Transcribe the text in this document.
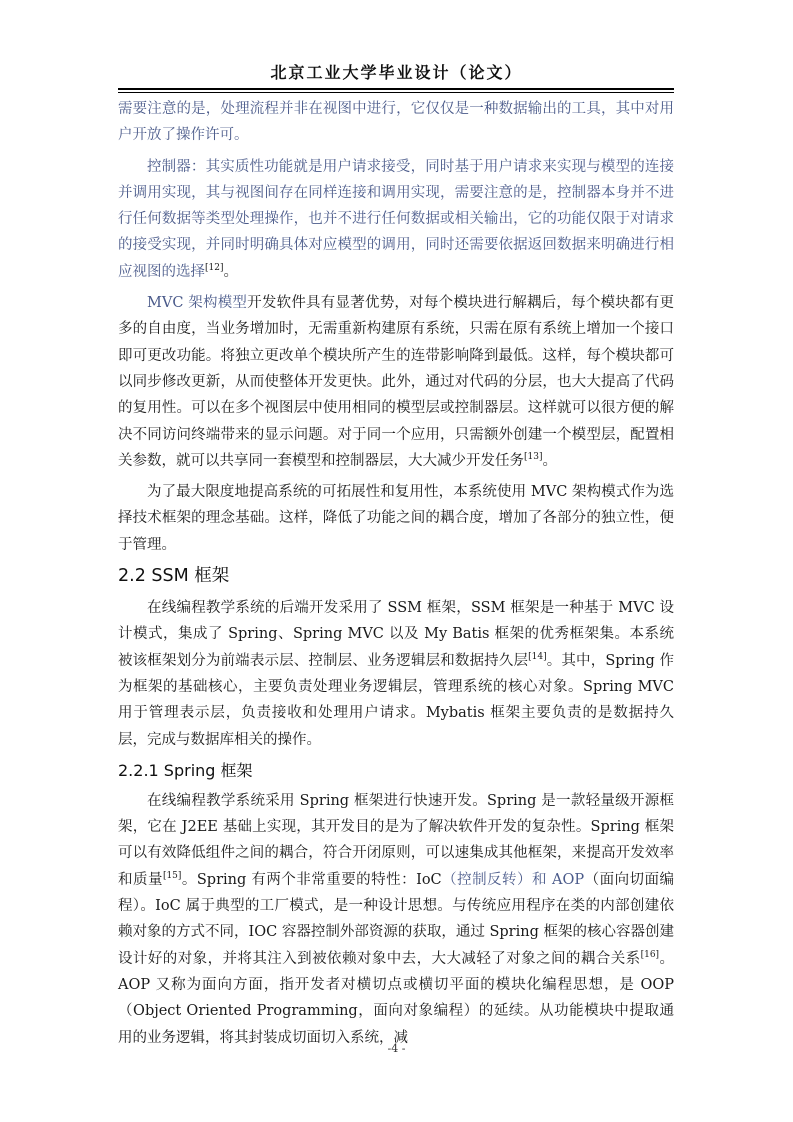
北京工业大学毕业设计（论文）

需要注意的是，处理流程并非在视图中进行，它仅仅是一种数据输出的工具，其中对用户开放了操作许可。

控制器：其实质性功能就是用户请求接受，同时基于用户请求来实现与模型的连接并调用实现，其与视图间存在同样连接和调用实现，需要注意的是，控制器本身并不进行任何数据等类型处理操作，也并不进行任何数据或相关输出，它的功能仅限于对请求的接受实现，并同时明确具体对应模型的调用，同时还需要依据返回数据来明确进行相应视图的选择[12]。

MVC 架构模型开发软件具有显著优势，对每个模块进行解耦后，每个模块都有更多的自由度，当业务增加时，无需重新构建原有系统，只需在原有系统上增加一个接口即可更改功能。将独立更改单个模块所产生的连带影响降到最低。这样，每个模块都可以同步修改更新，从而使整体开发更快。此外，通过对代码的分层，也大大提高了代码的复用性。可以在多个视图层中使用相同的模型层或控制器层。这样就可以很方便的解决不同访问终端带来的显示问题。对于同一个应用，只需额外创建一个模型层，配置相关参数，就可以共享同一套模型和控制器层，大大减少开发任务[13]。

为了最大限度地提高系统的可拓展性和复用性，本系统使用 MVC 架构模式作为选择技术框架的理念基础。这样，降低了功能之间的耦合度，增加了各部分的独立性，便于管理。

2.2 SSM 框架

在线编程教学系统的后端开发采用了 SSM 框架，SSM 框架是一种基于 MVC 设计模式，集成了 Spring、Spring MVC 以及 My Batis 框架的优秀框架集。本系统被该框架划分为前端表示层、控制层、业务逻辑层和数据持久层[14]。其中，Spring 作为框架的基础核心，主要负责处理业务逻辑层，管理系统的核心对象。Spring MVC 用于管理表示层，负责接收和处理用户请求。Mybatis 框架主要负责的是数据持久层，完成与数据库相关的操作。

2.2.1 Spring 框架

在线编程教学系统采用 Spring 框架进行快速开发。Spring 是一款轻量级开源框架，它在 J2EE 基础上实现，其开发目的是为了解决软件开发的复杂性。Spring 框架可以有效降低组件之间的耦合，符合开闭原则，可以速集成其他框架，来提高开发效率和质量[15]。Spring 有两个非常重要的特性：IoC（控制反转）和 AOP（面向切面编程）。IoC 属于典型的工厂模式，是一种设计思想。与传统应用程序在类的内部创建依赖对象的方式不同，IOC 容器控制外部资源的获取，通过 Spring 框架的核心容器创建设计好的对象，并将其注入到被依赖对象中去，大大减轻了对象之间的耦合关系[16]。AOP 又称为面向方面，指开发者对横切点或横切平面的模块化编程思想，是 OOP（Object Oriented Programming，面向对象编程）的延续。从功能模块中提取通用的业务逻辑，将其封装成切面切入系统，减

-4 -
